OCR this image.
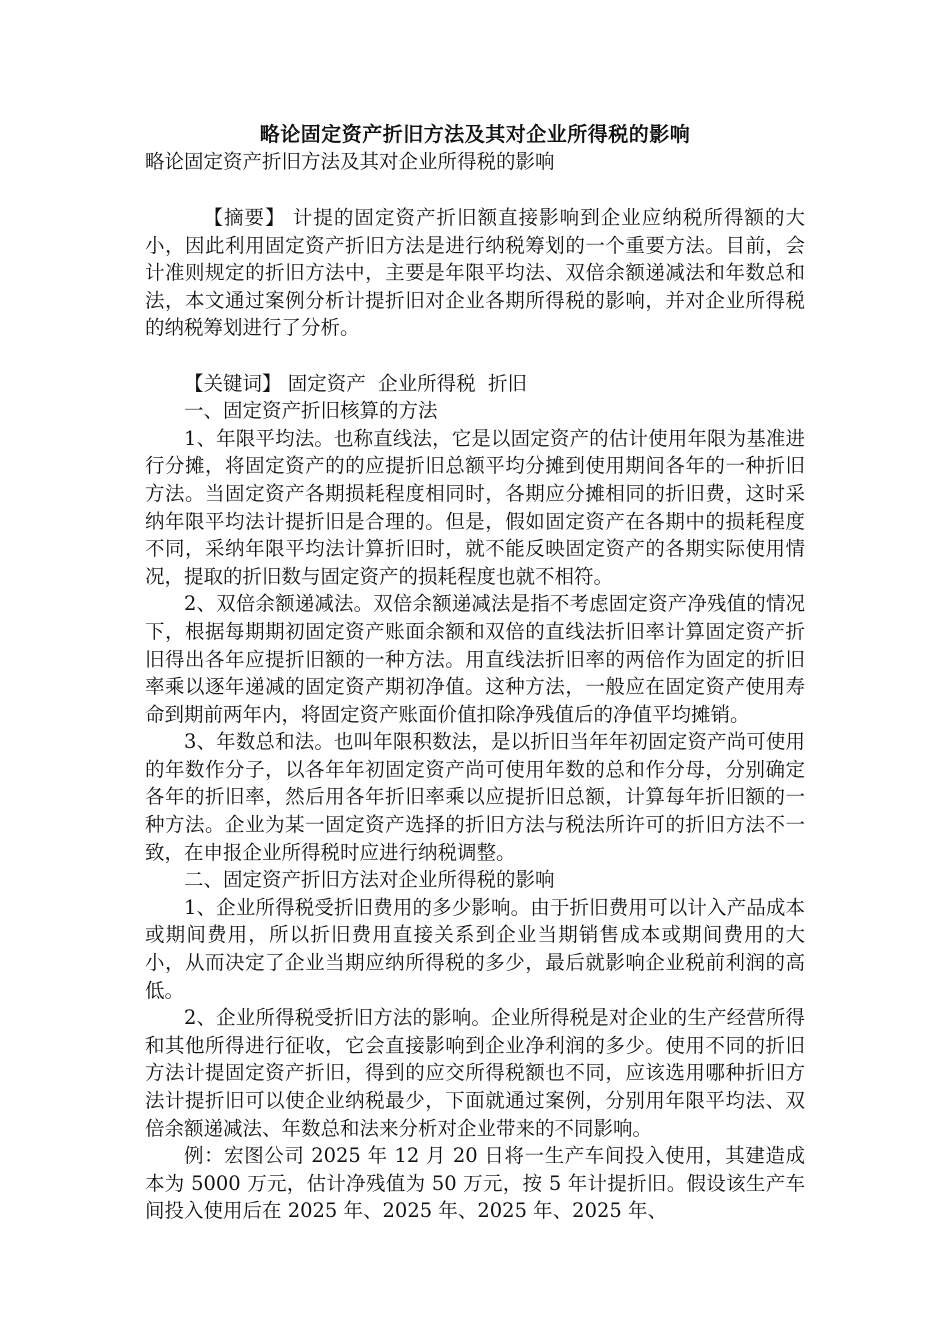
略论固定资产折旧方法及其对企业所得税的影响
略论固定资产折旧方法及其对企业所得税的影响

【摘要】 计提的固定资产折旧额直接影响到企业应纳税所得额的大小，因此利用固定资产折旧方法是进行纳税筹划的一个重要方法。目前，会计准则规定的折旧方法中，主要是年限平均法、双倍余额递减法和年数总和法，本文通过案例分析计提折旧对企业各期所得税的影响，并对企业所得税的纳税筹划进行了分析。

【关键词】 固定资产  企业所得税  折旧

一、固定资产折旧核算的方法

1、年限平均法。也称直线法，它是以固定资产的估计使用年限为基准进行分摊，将固定资产的的应提折旧总额平均分摊到使用期间各年的一种折旧方法。当固定资产各期损耗程度相同时，各期应分摊相同的折旧费，这时采纳年限平均法计提折旧是合理的。但是，假如固定资产在各期中的损耗程度不同，采纳年限平均法计算折旧时，就不能反映固定资产的各期实际使用情况，提取的折旧数与固定资产的损耗程度也就不相符。

2、双倍余额递减法。双倍余额递减法是指不考虑固定资产净残值的情况下，根据每期期初固定资产账面余额和双倍的直线法折旧率计算固定资产折旧得出各年应提折旧额的一种方法。用直线法折旧率的两倍作为固定的折旧率乘以逐年递减的固定资产期初净值。这种方法，一般应在固定资产使用寿命到期前两年内，将固定资产账面价值扣除净残值后的净值平均摊销。

3、年数总和法。也叫年限积数法，是以折旧当年年初固定资产尚可使用的年数作分子，以各年年初固定资产尚可使用年数的总和作分母，分别确定各年的折旧率，然后用各年折旧率乘以应提折旧总额，计算每年折旧额的一种方法。企业为某一固定资产选择的折旧方法与税法所许可的折旧方法不一致，在申报企业所得税时应进行纳税调整。

二、固定资产折旧方法对企业所得税的影响

1、企业所得税受折旧费用的多少影响。由于折旧费用可以计入产品成本或期间费用，所以折旧费用直接关系到企业当期销售成本或期间费用的大小，从而决定了企业当期应纳所得税的多少，最后就影响企业税前利润的高低。

2、企业所得税受折旧方法的影响。企业所得税是对企业的生产经营所得和其他所得进行征收，它会直接影响到企业净利润的多少。使用不同的折旧方法计提固定资产折旧，得到的应交所得税额也不同，应该选用哪种折旧方法计提折旧可以使企业纳税最少，下面就通过案例，分别用年限平均法、双倍余额递减法、年数总和法来分析对企业带来的不同影响。

例：宏图公司 2025 年 12 月 20 日将一生产车间投入使用，其建造成本为 5000 万元，估计净残值为 50 万元，按 5 年计提折旧。假设该生产车间投入使用后在 2025 年、2025 年、2025 年、2025 年、
